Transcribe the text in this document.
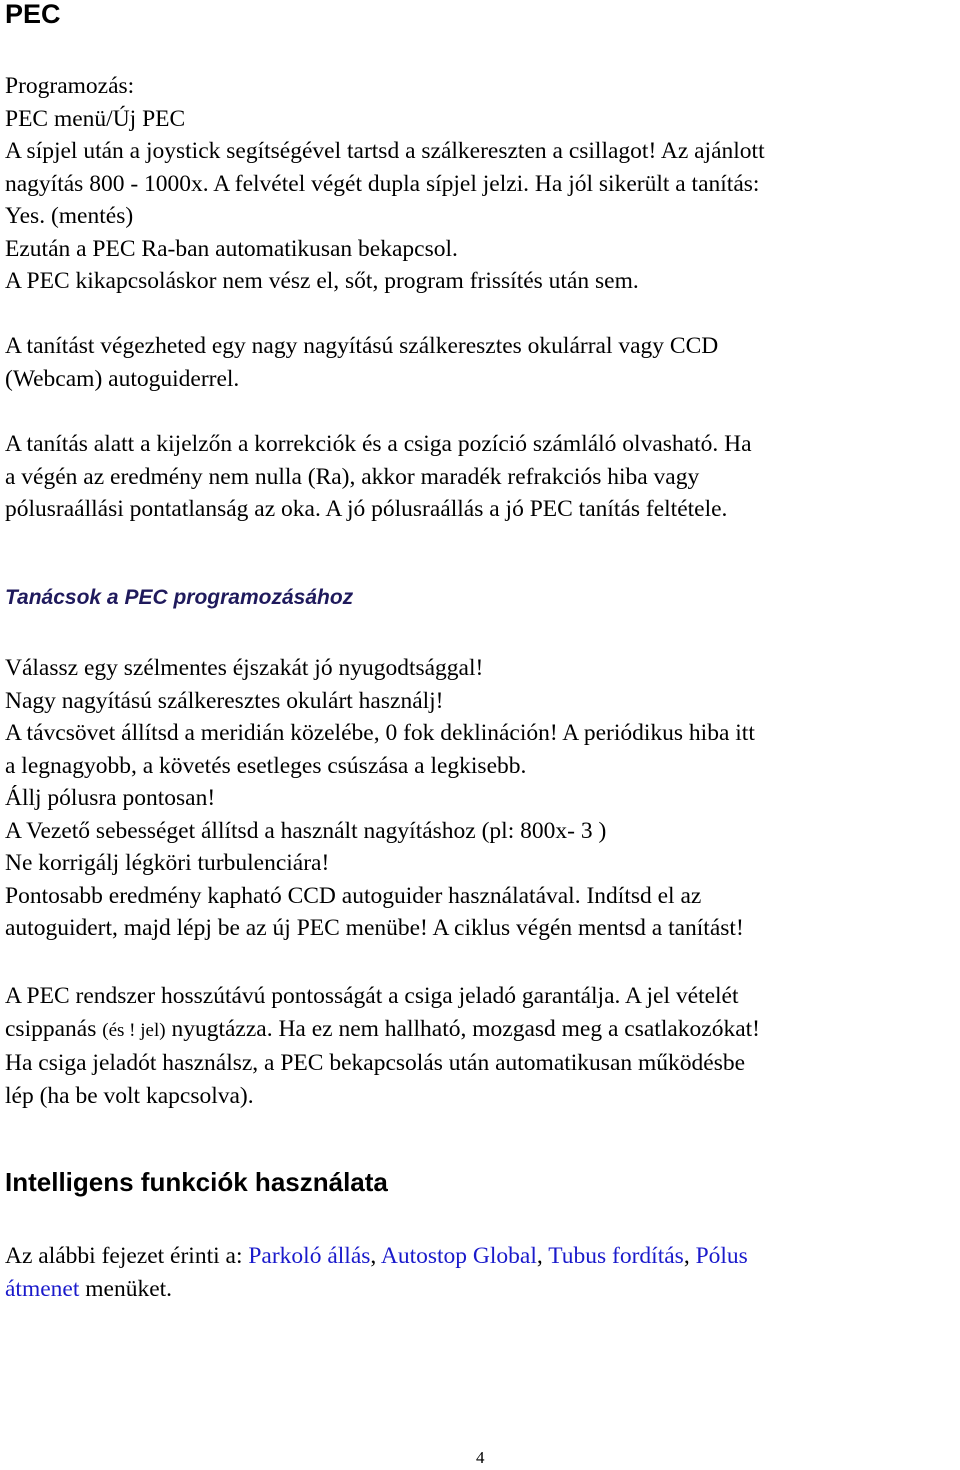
PEC
Programozás:
PEC menü/Új PEC
A sípjel után a joystick segítségével tartsd a szálkereszten a csillagot! Az ajánlott
nagyítás 800 - 1000x. A felvétel végét dupla sípjel jelzi. Ha jól sikerült a tanítás:
Yes. (mentés)
Ezután a PEC Ra-ban automatikusan bekapcsol.
A PEC kikapcsoláskor nem vész el, sőt, program frissítés után sem.
A tanítást végezheted egy nagy nagyítású szálkeresztes okulárral vagy CCD
(Webcam) autoguiderrel.
A tanítás alatt a kijelzőn a korrekciók és a csiga pozíció számláló olvasható. Ha
a végén az eredmény nem nulla (Ra), akkor maradék refrakciós hiba vagy
pólusraállási pontatlanság az oka. A jó pólusraállás a jó PEC tanítás feltétele.
Tanácsok a PEC programozásához
Válassz egy szélmentes éjszakát jó nyugodtsággal!
Nagy nagyítású szálkeresztes okulárt használj!
A távcsövet állítsd a meridián közelébe, 0 fok deklináción! A periódikus hiba itt
a legnagyobb, a követés esetleges csúszása a legkisebb.
Állj pólusra pontosan!
A Vezető sebességet állítsd a használt nagyításhoz (pl: 800x- 3 )
Ne korrigálj légköri turbulenciára!
Pontosabb eredmény kapható CCD autoguider használatával. Indítsd el az
autoguidert, majd lépj be az új PEC menübe! A ciklus végén mentsd a tanítást!
A PEC rendszer hosszútávú pontosságát a csiga jeladó garantálja. A jel vételét
csippanás (és ! jel) nyugtázza. Ha ez nem hallható, mozgasd meg a csatlakozókat!
Ha csiga jeladót használsz, a PEC bekapcsolás után automatikusan működésbe
lép (ha be volt kapcsolva).
Intelligens funkciók használata
Az alábbi fejezet érinti a: Parkoló állás, Autostop Global, Tubus fordítás, Pólus
átmenet menüket.
4
